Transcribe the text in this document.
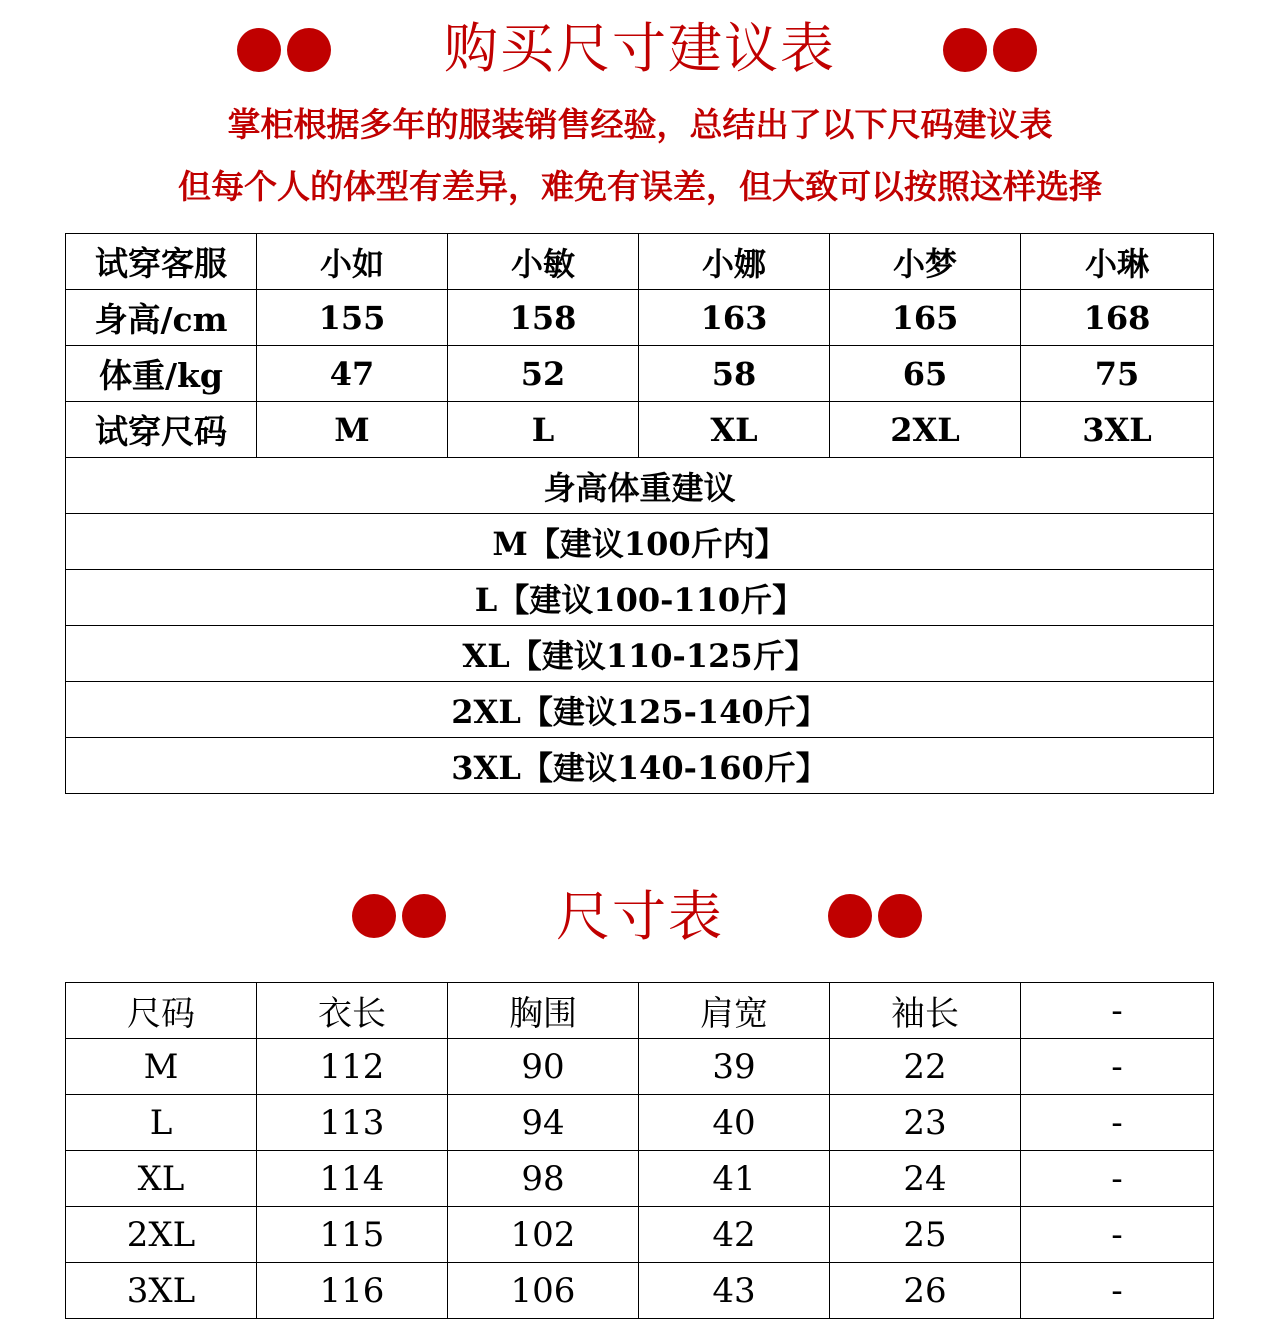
购买尺寸建议表

掌柜根据多年的服装销售经验，总结出了以下尺码建议表

但每个人的体型有差异，难免有误差，但大致可以按照这样选择

试穿客服	小如	小敏	小娜	小梦	小琳
身高/cm	155	158	163	165	168
体重/kg	47	52	58	65	75
试穿尺码	M	L	XL	2XL	3XL
身高体重建议					
M【建议100斤内】					
L【建议100-110斤】					
XL【建议110-125斤】					
2XL【建议125-140斤】					
3XL【建议140-160斤】					
尺寸表
尺码	衣长	胸围	肩宽	袖长	-
M	112	90	39	22	-
L	113	94	40	23	-
XL	114	98	41	24	-
2XL	115	102	42	25	-
3XL	116	106	43	26	-
